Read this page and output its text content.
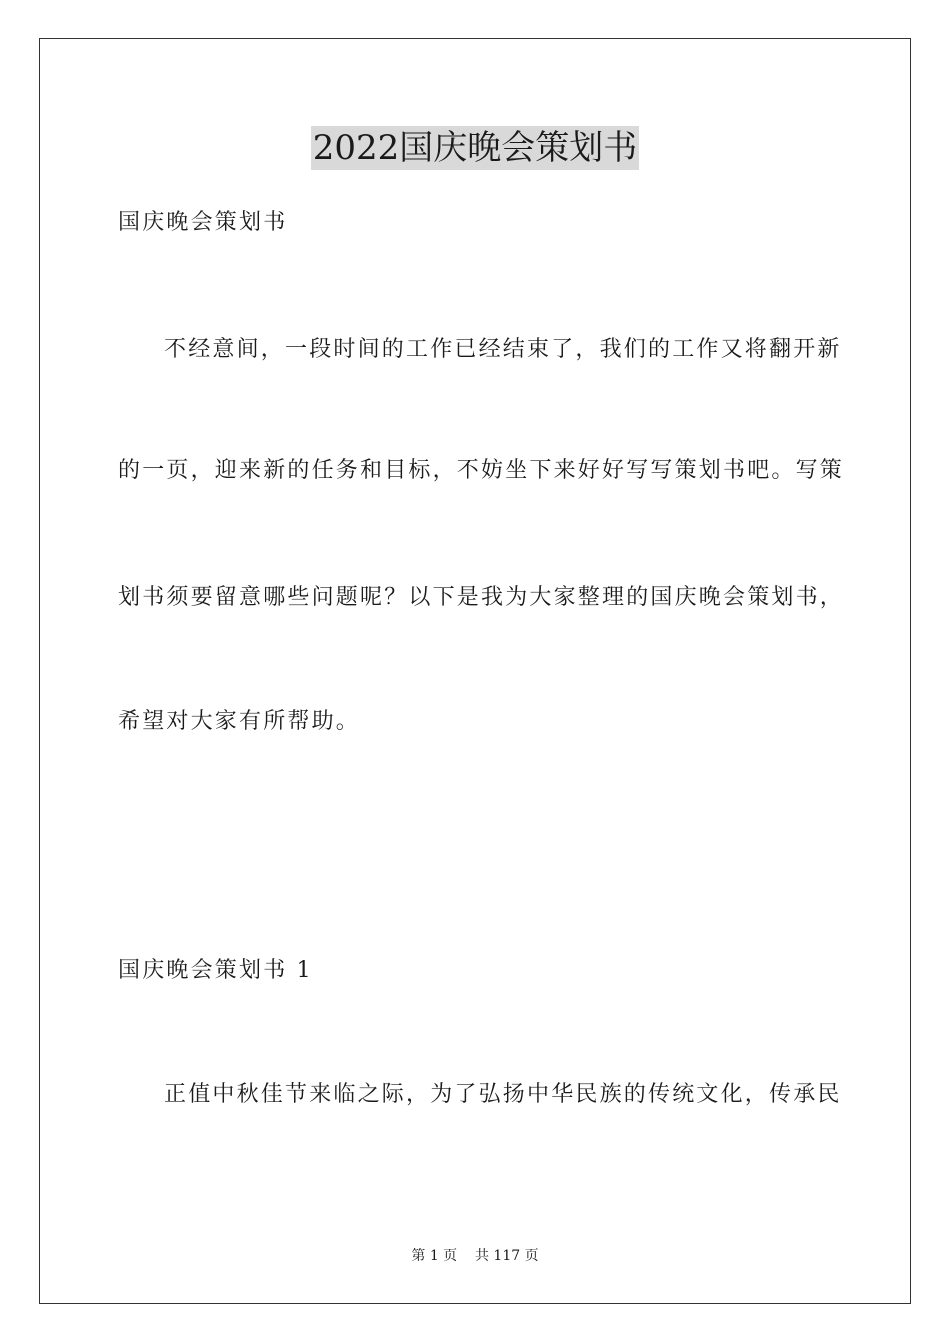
2022国庆晚会策划书
国庆晚会策划书
不经意间，一段时间的工作已经结束了，我们的工作又将翻开新
的一页，迎来新的任务和目标，不妨坐下来好好写写策划书吧。写策
划书须要留意哪些问题呢？以下是我为大家整理的国庆晚会策划书，
希望对大家有所帮助。
国庆晚会策划书 1
正值中秋佳节来临之际，为了弘扬中华民族的传统文化，传承民
第 1 页    共 117 页
